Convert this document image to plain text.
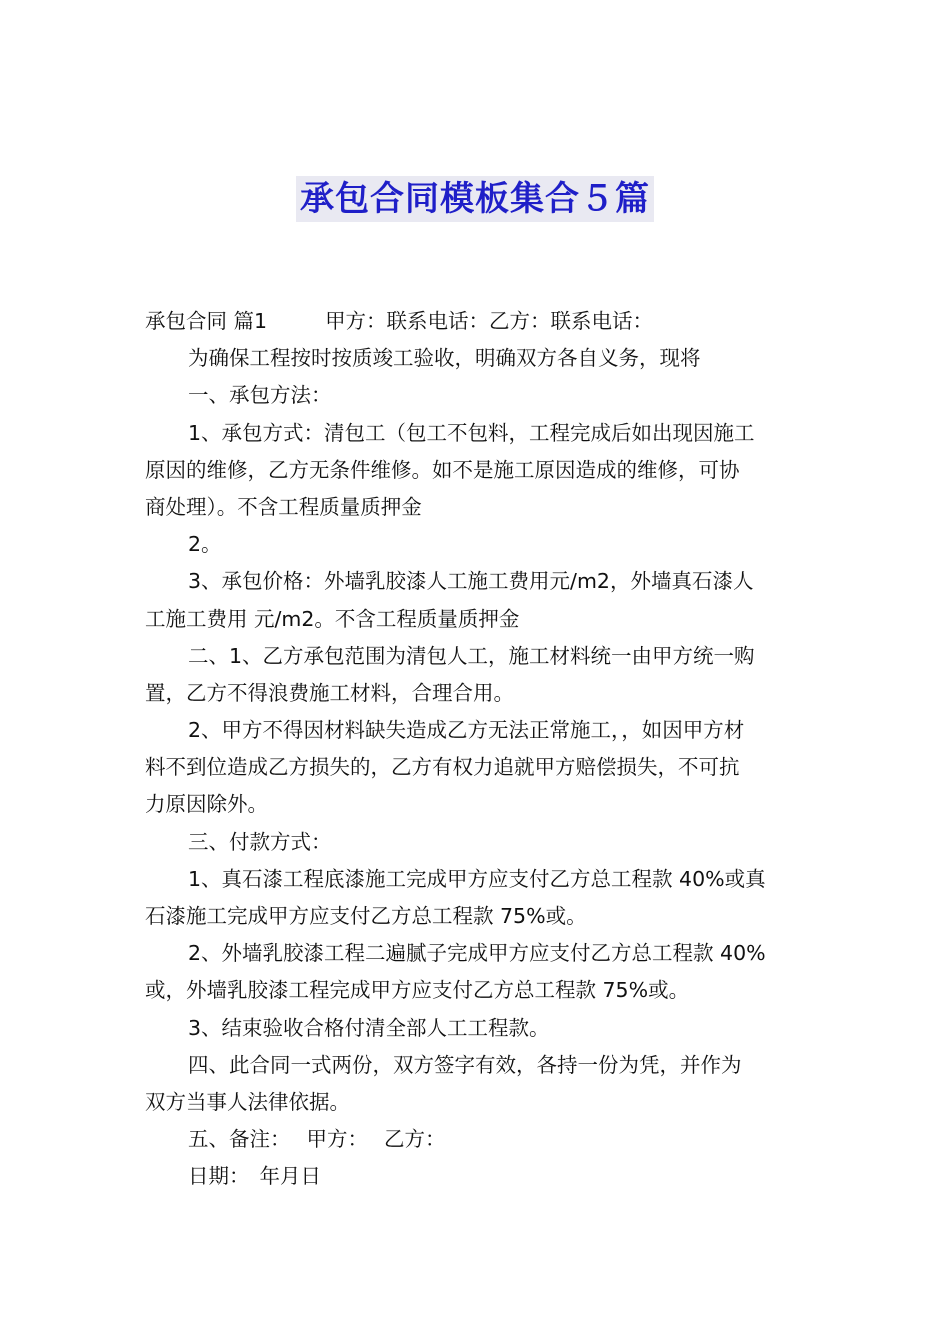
承包合同模板集合５篇
承包合同 篇1	甲方：联系电话：乙方：联系电话：
为确保工程按时按质竣工验收，明确双方各自义务，现将
一、承包方法：
1、承包方式：清包工（包工不包料，工程完成后如出现因施工
原因的维修，乙方无条件维修。如不是施工原因造成的维修，可协
商处理）。不含工程质量质押金
2。
3、承包价格：外墙乳胶漆人工施工费用元/m2，外墙真石漆人
工施工费用 元/m2。不含工程质量质押金
二、1、乙方承包范围为清包人工，施工材料统一由甲方统一购
置，乙方不得浪费施工材料，合理合用。
2、甲方不得因材料缺失造成乙方无法正常施工，，如因甲方材
料不到位造成乙方损失的，乙方有权力追就甲方赔偿损失，不可抗
力原因除外。
三、付款方式：
1、真石漆工程底漆施工完成甲方应支付乙方总工程款 40%或真
石漆施工完成甲方应支付乙方总工程款 75%或。
2、外墙乳胶漆工程二遍腻子完成甲方应支付乙方总工程款 40%
或，外墙乳胶漆工程完成甲方应支付乙方总工程款 75%或。
3、结束验收合格付清全部人工工程款。
四、此合同一式两份，双方签字有效，各持一份为凭，并作为
双方当事人法律依据。
五、备注： 甲方： 乙方：
日期： 年月日
